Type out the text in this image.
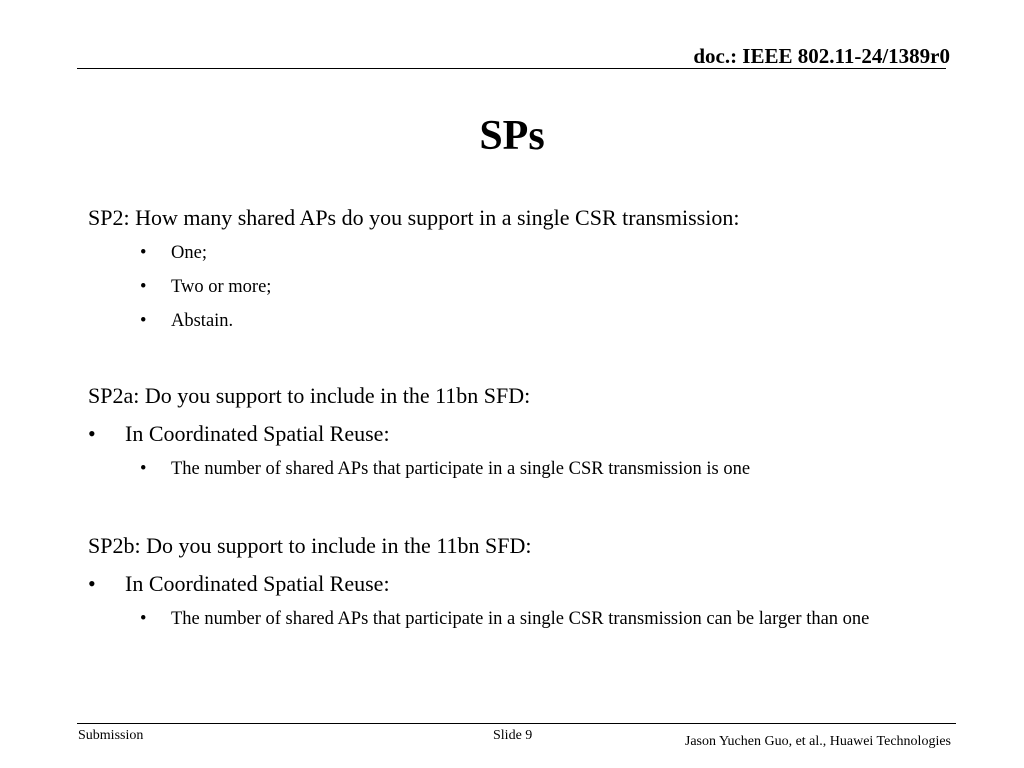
doc.: IEEE 802.11-24/1389r0
SPs
SP2: How many shared APs do you support in a single CSR transmission:
• One;
• Two or more;
• Abstain.
SP2a: Do you support to include in the 11bn SFD:
• In Coordinated Spatial Reuse:
• The number of shared APs that participate in a single CSR transmission is one
SP2b: Do you support to include in the 11bn SFD:
• In Coordinated Spatial Reuse:
• The number of shared APs that participate in a single CSR transmission can be larger than one
Submission	Slide 9	Jason Yuchen Guo, et al., Huawei Technologies
